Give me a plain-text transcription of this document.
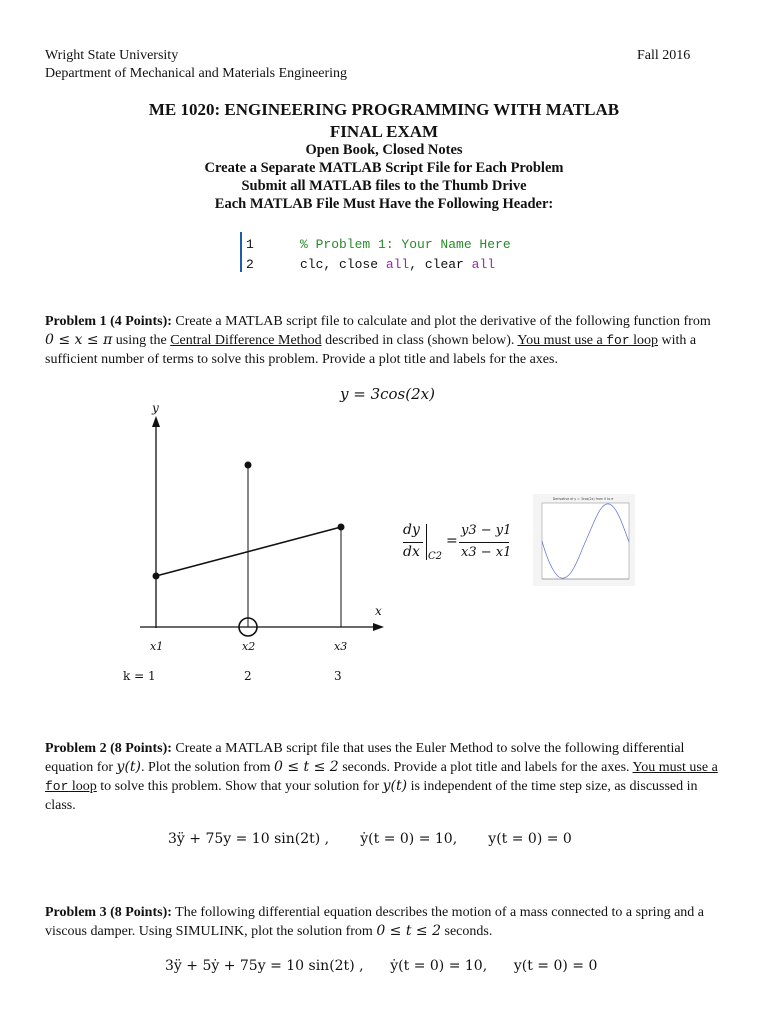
Wright State University
Department of Mechanical and Materials Engineering
Fall 2016
ME 1020: ENGINEERING PROGRAMMING WITH MATLAB
FINAL EXAM
Open Book, Closed Notes
Create a Separate MATLAB Script File for Each Problem
Submit all MATLAB files to the Thumb Drive
Each MATLAB File Must Have the Following Header:
1	% Problem 1: Your Name Here
2	clc, close all, clear all
Problem 1 (4 Points): Create a MATLAB script file to calculate and plot the derivative of the following function from 0 ≤ x ≤ π using the Central Difference Method described in class (shown below). You must use a for loop with a sufficient number of terms to solve this problem. Provide a plot title and labels for the axes.
y = 3cos(2x)
y
x
x1	x2	x3
k = 1	2	3
dy
dx C2
=
y3 − y1
x3 − x1
Derivative of y = 3cos(2x) from 0 to π
Problem 2 (8 Points): Create a MATLAB script file that uses the Euler Method to solve the following differential equation for y(t). Plot the solution from 0 ≤ t ≤ 2 seconds. Provide a plot title and labels for the axes. You must use a for loop to solve this problem. Show that your solution for y(t) is independent of the time step size, as discussed in class.
3ÿ + 75y = 10 sin(2t) ,       ẏ(t = 0) = 10,       y(t = 0) = 0
Problem 3 (8 Points): The following differential equation describes the motion of a mass connected to a spring and a viscous damper. Using SIMULINK, plot the solution from 0 ≤ t ≤ 2 seconds.
3ÿ + 5ẏ + 75y = 10 sin(2t) ,      ẏ(t = 0) = 10,      y(t = 0) = 0
